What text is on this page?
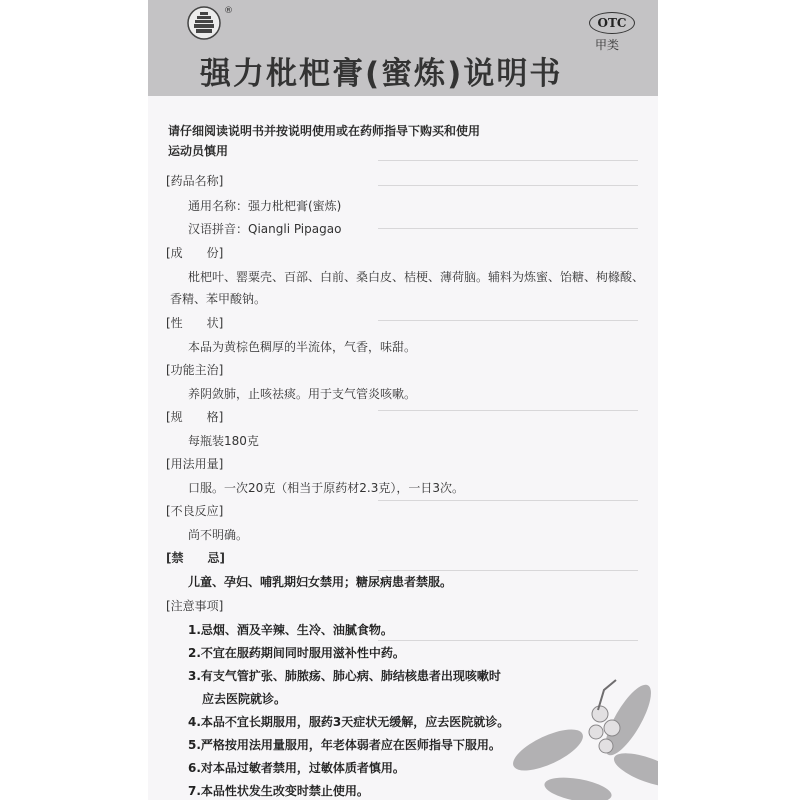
®
强力枇杷膏(蜜炼)说明书
OTC
甲类
请仔细阅读说明书并按说明使用或在药师指导下购买和使用
运动员慎用
[药品名称]
通用名称：强力枇杷膏(蜜炼)
汉语拼音：Qiangli Pipagao
[成　　份]
枇杷叶、罂粟壳、百部、白前、桑白皮、桔梗、薄荷脑。辅料为炼蜜、饴糖、枸橼酸、
香精、苯甲酸钠。
[性　　状]
本品为黄棕色稠厚的半流体，气香，味甜。
[功能主治]
养阴敛肺，止咳祛痰。用于支气管炎咳嗽。
[规　　格]
每瓶装180克
[用法用量]
口服。一次20克（相当于原药材2.3克），一日3次。
[不良反应]
尚不明确。
[禁　　忌]
儿童、孕妇、哺乳期妇女禁用；糖尿病患者禁服。
[注意事项]
1.忌烟、酒及辛辣、生冷、油腻食物。
2.不宜在服药期间同时服用滋补性中药。
3.有支气管扩张、肺脓疡、肺心病、肺结核患者出现咳嗽时
应去医院就诊。
4.本品不宜长期服用，服药3天症状无缓解，应去医院就诊。
5.严格按用法用量服用，年老体弱者应在医师指导下服用。
6.对本品过敏者禁用，过敏体质者慎用。
7.本品性状发生改变时禁止使用。
